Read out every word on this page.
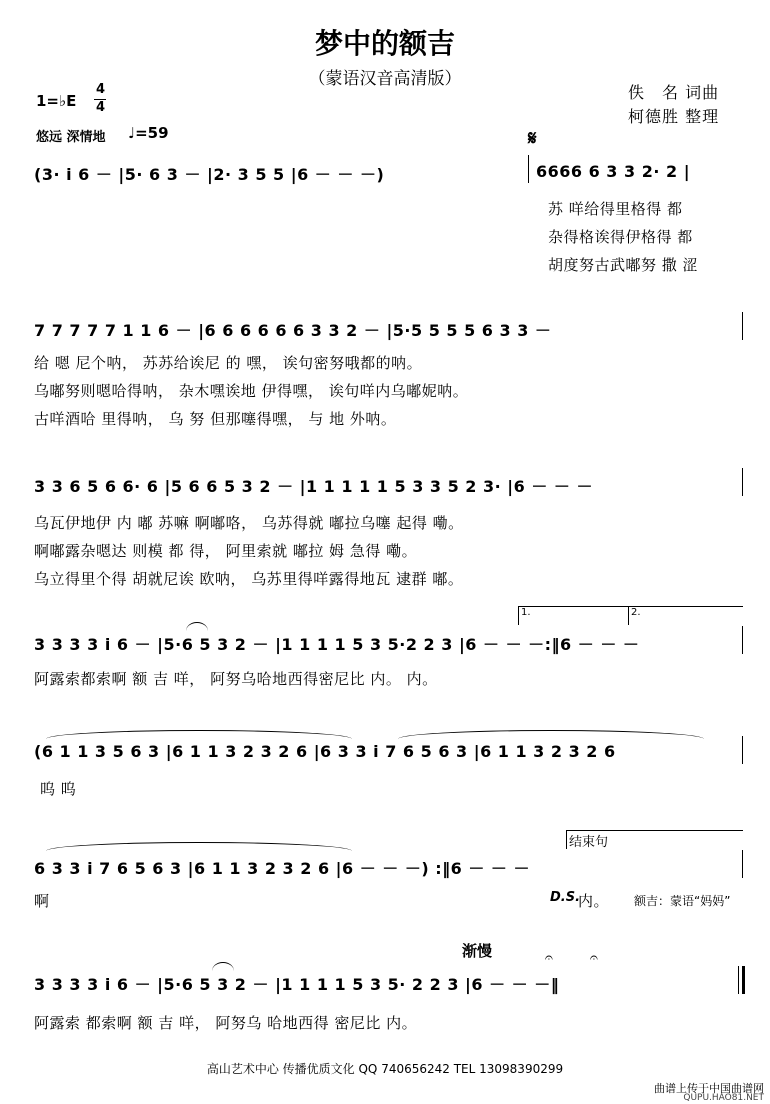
梦中的额吉
（蒙语汉音高清版）
佚　名 词曲
柯德胜 整理
1=♭E
4
4
悠远 深情地 ♩=59	𝄋
(3· i 6 － |5· 6 3 － |2· 3 5 5 |6 － － －)	6666 6 3 3 2· 2 |
苏 咩给得里格得 都
杂得格诶得伊格得 都
胡度努古武嘟努 撒 涩
7 7 7 7 7 1 1 6 － |6 6 6 6 6 6 3 3 2 － |5·5 5 5 5 6 3 3 －
给 嗯 尼个呐， 苏苏给诶尼 的 嘿， 诶句密努哦都的呐。
乌嘟努则嗯哈得呐， 杂木嘿诶地 伊得嘿， 诶句咩内乌嘟妮呐。
古咩酒哈 里得呐， 乌 努 但那噻得嘿， 与 地 外呐。
3 3 6 5 6 6· 6 |5 6 6 5 3 2 － |1 1 1 1 1 5 3 3 5 2 3· |6 － － －
乌瓦伊地伊 内 嘟 苏嘛 啊嘟咯， 乌苏得就 嘟拉乌噻 起得 嘞。
啊嘟露杂嗯达 则模 都 得， 阿里索就 嘟拉 姆 急得 嘞。
乌立得里个得 胡就尼诶 欧呐， 乌苏里得咩露得地瓦 逮群 嘟。
1.	2.
3 3 3 3 i 6 － |5·6 5 3 2 － |1 1 1 1 5 3 5·2 2 3 |6 － － －:‖6 － － －
阿露索都索啊 额 吉 咩， 阿努乌哈地西得密尼比 内。 内。
(6 1 1 3 5 6 3 |6 1 1 3 2 3 2 6 |6 3 3 i 7 6 5 6 3 |6 1 1 3 2 3 2 6
呜 呜
结束句
6 3 3 i 7 6 5 6 3 |6 1 1 3 2 3 2 6 |6 － － －) :‖6 － － －
啊	D.S.
内。 额吉：蒙语“妈妈”
渐慢
3 3 3 3 i 6 － |5·6 5 3 2 － |1 1 1 1 5 3 5· 2 2 3 |6 － － －‖
阿露索 都索啊 额 吉 咩， 阿努乌 哈地西得 密尼比 内。
𝄐	𝄐
高山艺术中心 传播优质文化 QQ 740656242 TEL 13098390299
曲谱上传于中国曲谱网
QUPU.HAO81.NET
